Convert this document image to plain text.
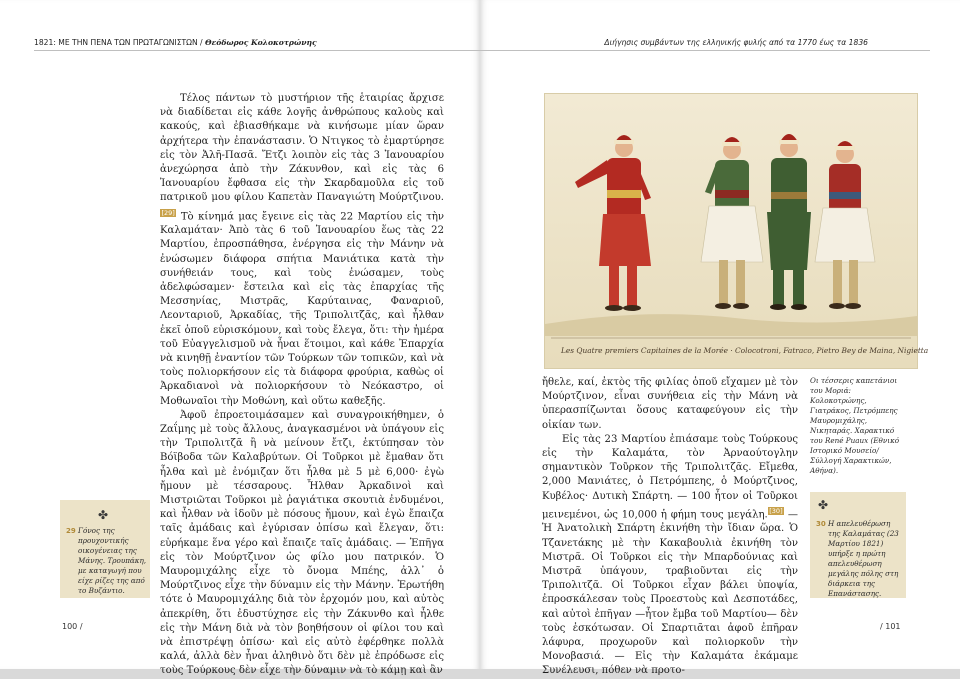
1821: ΜΕ ΤΗΝ ΠΕΝΑ ΤΩΝ ΠΡΩΤΑΓΩΝΙΣΤΩΝ / Θεόδωρος Κολοκοτρώνης

Τέλος πάντων τὸ μυστήριον τῆς ἑταιρίας ἄρχισε νὰ διαδίδεται εἰς κάθε λογῆς ἀνθρώπους καλοὺς καὶ κακούς, καὶ ἐβιασθήκαμε νὰ κινήσωμε μίαν ὥραν ἀρχήτερα τὴν ἐπανάστασιν. Ὁ Ντιγκος τὸ ἐμαρτύρησε εἰς τὸν Ἀλῆ-Πασᾶ. Ἔτζι λοιπὸν εἰς τὰς 3 Ἰανουαρίου ἀνεχώρησα ἀπὸ τὴν Ζάκυνθον, καὶ εἰς τὰς 6 Ἰανουαρίου ἔφθασα εἰς τὴν Σκαρδαμοῦλα εἰς τοῦ πατρικοῦ μου φίλου Καπετὰν Παναγιώτη Μούρτζινου.[29] Τὸ κίνημά μας ἔγεινε εἰς τὰς 22 Μαρτίου εἰς τὴν Καλαμάταν· Ἀπὸ τὰς 6 τοῦ Ἰανουαρίου ἕως τὰς 22 Μαρτίου, ἐπροσπάθησα, ἐνέργησα εἰς τὴν Μάνην νὰ ἐνώσωμεν διάφορα σπήτια Μανιάτικα κατὰ τὴν συνήθειάν τους, καὶ τοὺς ἐνώσαμεν, τοὺς ἀδελφώσαμεν· ἔστειλα καὶ εἰς τὰς ἐπαρχίας τῆς Μεσσηνίας, Μιστρᾶς, Καρύταινας, Φαναριοῦ, Λεονταριοῦ, Ἀρκαδίας, τῆς Τριπολιτζᾶς, καὶ ἦλθαν ἐκεῖ ὁποῦ εὑρισκόμουν, καὶ τοὺς ἔλεγα, ὅτι: τὴν ἡμέρα τοῦ Εὐαγγελισμοῦ νὰ ἦναι ἕτοιμοι, καὶ κάθε Ἐπαρχία νὰ κινηθῇ ἐναντίον τῶν Τούρκων τῶν τοπικῶν, καὶ νὰ τοὺς πολιορκήσουν εἰς τὰ διάφορα φρούρια, καθὼς οἱ Ἀρκαδιανοὶ νὰ πολιορκήσουν τὸ Νεόκαστρο, οἱ Μοθωναῖοι τὴν Μοθώνη, καὶ οὕτω καθεξῆς.

Ἀφοῦ ἐπροετοιμάσαμεν καὶ συναγροικήθημεν, ὁ Ζαΐμης μὲ τοὺς ἄλλους, ἀναγκασμένοι νὰ ὑπάγουν εἰς τὴν Τριπολιτζᾶ ἢ νὰ μείνουν ἔτζι, ἐκτύπησαν τὸν Βόϊβοδα τῶν Καλαβρύτων. Οἱ Τοῦρκοι μὲ ἔμαθαν ὅτι ἦλθα καὶ μὲ ἐνόμιζαν ὅτι ἦλθα μὲ 5 μὲ 6,000· ἐγὼ ἤμουν μὲ τέσσαρους. Ἦλθαν Ἀρκαδινοὶ καὶ Μιστριῶται Τοῦρκοι μὲ ῥαγιάτικα σκουτιὰ ἐνδυμένοι, καὶ ἦλθαν νὰ ἰδοῦν μὲ πόσους ἤμουν, καὶ ἐγὼ ἔπαιζα ταῖς ἀμάδαις καὶ ἐγύρισαν ὀπίσω καὶ ἔλεγαν, ὅτι: εὑρήκαμε ἕνα γέρο καὶ ἔπαιζε ταῖς ἀμάδαις. — Ἐπῆγα εἰς τὸν Μούρτζινον ὡς φίλο μου πατρικόν. Ὁ Μαυρομιχάλης εἶχε τὸ ὄνομα Μπέης, ἀλλ᾽ ὁ Μούρτζινος εἶχε τὴν δύναμιν εἰς τὴν Μάνην. Ἐρωτήθη τότε ὁ Μαυρομιχάλης διὰ τὸν ἐρχομόν μου, καὶ αὐτὸς ἀπεκρίθη, ὅτι ἐδυστύχησε εἰς τὴν Ζάκυνθο καὶ ἦλθε εἰς τὴν Μάνη διὰ νὰ τὸν βοηθήσουν οἱ φίλοι του καὶ νὰ ἐπιστρέψῃ ὀπίσω· καὶ εἰς αὐτὸ ἐφέρθηκε πολλὰ καλά, ἀλλὰ δὲν ἦναι ἀληθινὸ ὅτι δὲν μὲ ἐπρόδωσε εἰς τοὺς Τούρκους δὲν εἶχε τὴν δύναμιν νὰ τὸ κάμῃ καὶ ἂν

✤
29 Γόνος της προυχοντικής οικογένειας της Μάνης. Τρουπάκη, με καταγωγή που είχε ρίζες της από το Βυζάντιο.
100 /
Διήγησις συμβάντων της ελληνικής φυλής από τα 1770 έως τα 1836
Les Quatre premiers Capitaines de la Morée · Colocotroni, Fatraco, Pietro Bey de Maina, Nigietta

ἤθελε, καί, ἐκτὸς τῆς φιλίας ὁποῦ εἴχαμεν μὲ τὸν Μούρτζινον, εἶναι συνήθεια εἰς τὴν Μάνη νὰ ὑπερασπίζωνται ὅσους καταφεύγουν εἰς τὴν οἰκίαν των.

Εἰς τὰς 23 Μαρτίου ἐπιάσαμε τοὺς Τούρκους εἰς τὴν Καλαμάτα, τὸν Ἀρναούτογλην σημαντικὸν Τοῦρκον τῆς Τριπολιτζᾶς. Εἴμεθα, 2,000 Μανιάτες, ὁ Πετρόμπεης, ὁ Μούρτζινος, Κυβέλος· Δυτικὴ Σπάρτη. — 100 ἦτον οἱ Τοῦρκοι μεινεμένοι, ὡς 10,000 ἡ φήμη τους μεγάλη. [30] — Ἡ Ἀνατολικὴ Σπάρτη ἐκινήθη τὴν ἴδιαν ὥρα. Ὁ Τζανετάκης μὲ τὴν Κακαβουλιὰ ἐκινήθη τὸν Μιστρᾶ. Οἱ Τοῦρκοι εἰς τὴν Μπαρδούνιας καὶ Μιστρᾶ ὑπάγουν, τραβιοῦνται εἰς τὴν Τριπολιτζᾶ. Οἱ Τοῦρκοι εἶχαν βάλει ὑποψία, ἐπροσκάλεσαν τοὺς Προεστοὺς καὶ Δεσποτάδες, καὶ αὐτοὶ ἐπῆγαν —ἦτον ἔμβα τοῦ Μαρτίου— δὲν τοὺς ἐσκότωσαν. Οἱ Σπαρτιᾶται ἀφοῦ ἐπῆραν λάφυρα, προχωροῦν καὶ πολιορκοῦν τὴν Μονοβασιά. — Εἰς τὴν Καλαμάτα ἐκάμαμε Συνέλευσι, πόθεν νὰ προτο-

Οι τέσσερις καπετάνιοι του Μοριά: Κολοκοτρώνης, Γιατράκος, Πετρόμπεης Μαυρομιχάλης, Νικηταράς. Χαρακτικό του René Puaux (Εθνικό Ιστορικό Μουσείο/Σύλλογή Χαρακτικών, Αθήνα).
✤
30 Η απελευθέρωση της Καλαμάτας (23 Μαρτίου 1821) υπήρξε η πρώτη απελευθέρωση μεγάλης πόλης στη διάρκεια της Επανάστασης.
/ 101
